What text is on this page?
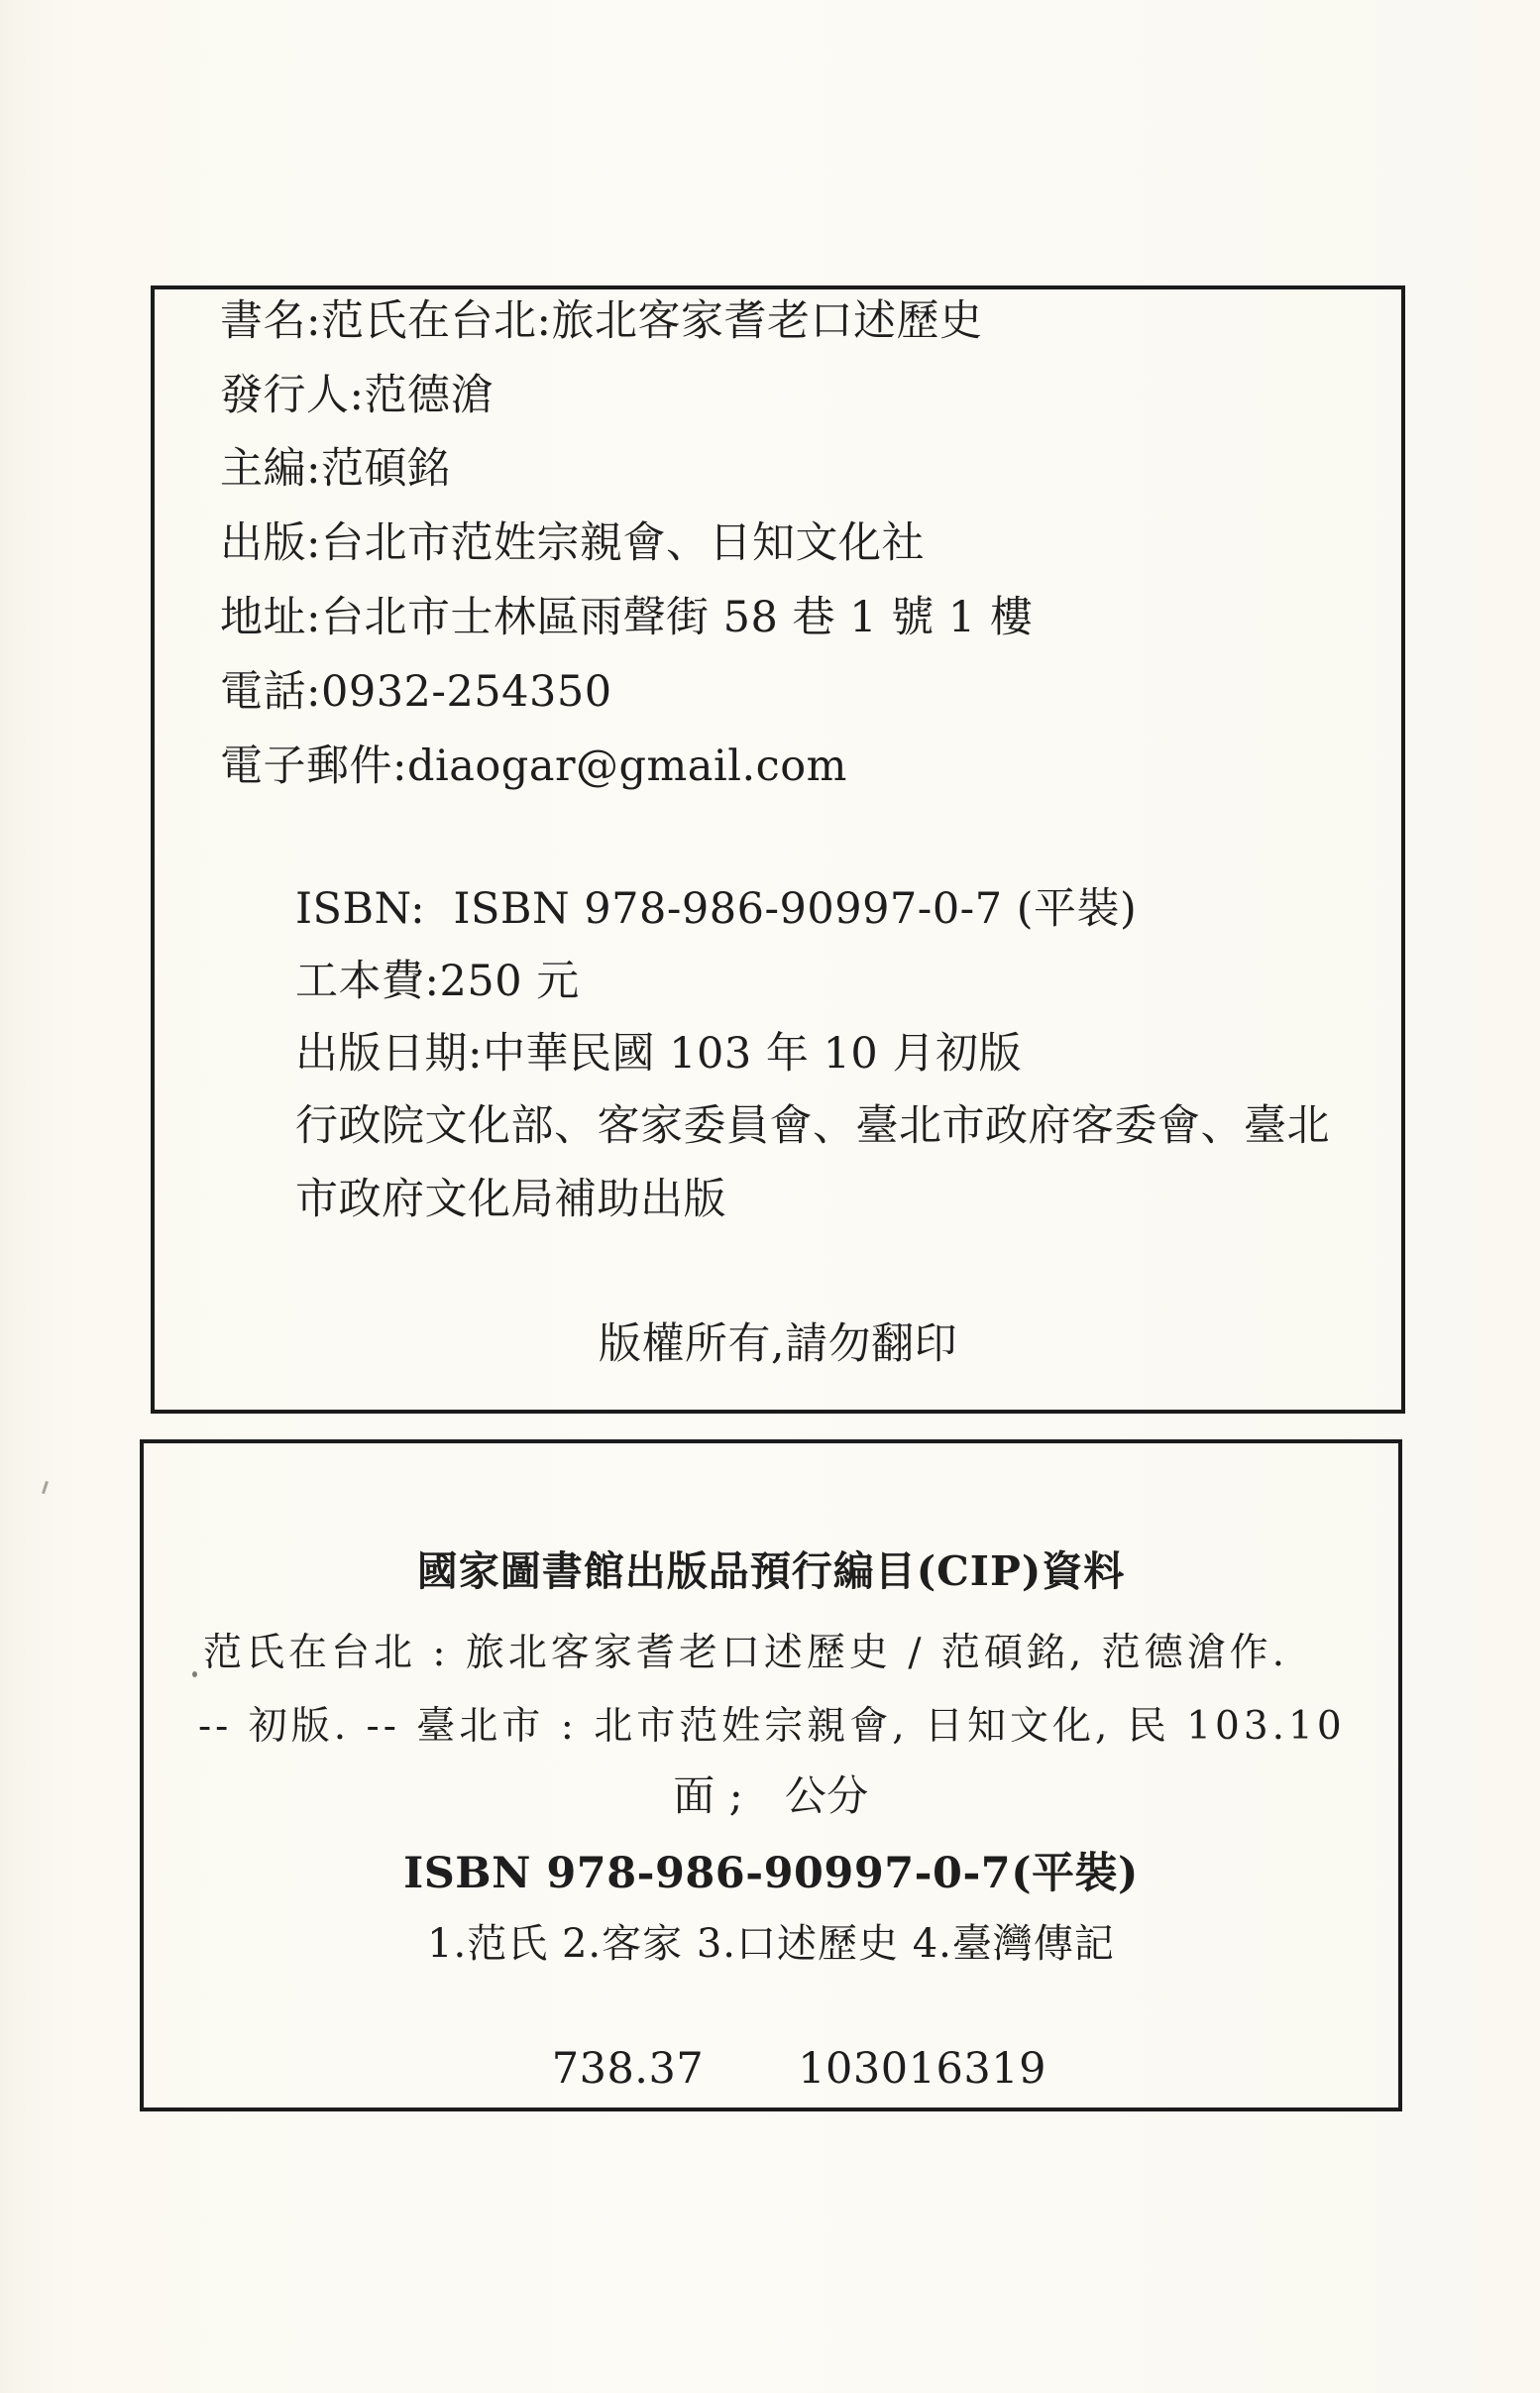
書名:范氏在台北:旅北客家耆老口述歷史
發行人:范德滄
主編:范碩銘
出版:台北市范姓宗親會、日知文化社
地址:台北市士林區雨聲街 58 巷 1 號 1 樓
電話:0932-254350
電子郵件:diaogar@gmail.com
ISBN:  ISBN 978-986-90997-0-7 (平裝)
工本費:250 元
出版日期:中華民國 103 年 10 月初版
行政院文化部、客家委員會、臺北市政府客委會、臺北
市政府文化局補助出版
版權所有,請勿翻印
國家圖書館出版品預行編目(CIP)資料
范氏在台北 : 旅北客家耆老口述歷史 / 范碩銘, 范德滄作.
-- 初版. -- 臺北市 : 北市范姓宗親會, 日知文化, 民 103.10
面 ;   公分
ISBN 978-986-90997-0-7(平裝)
1.范氏 2.客家 3.口述歷史 4.臺灣傳記

738.37 103016319
